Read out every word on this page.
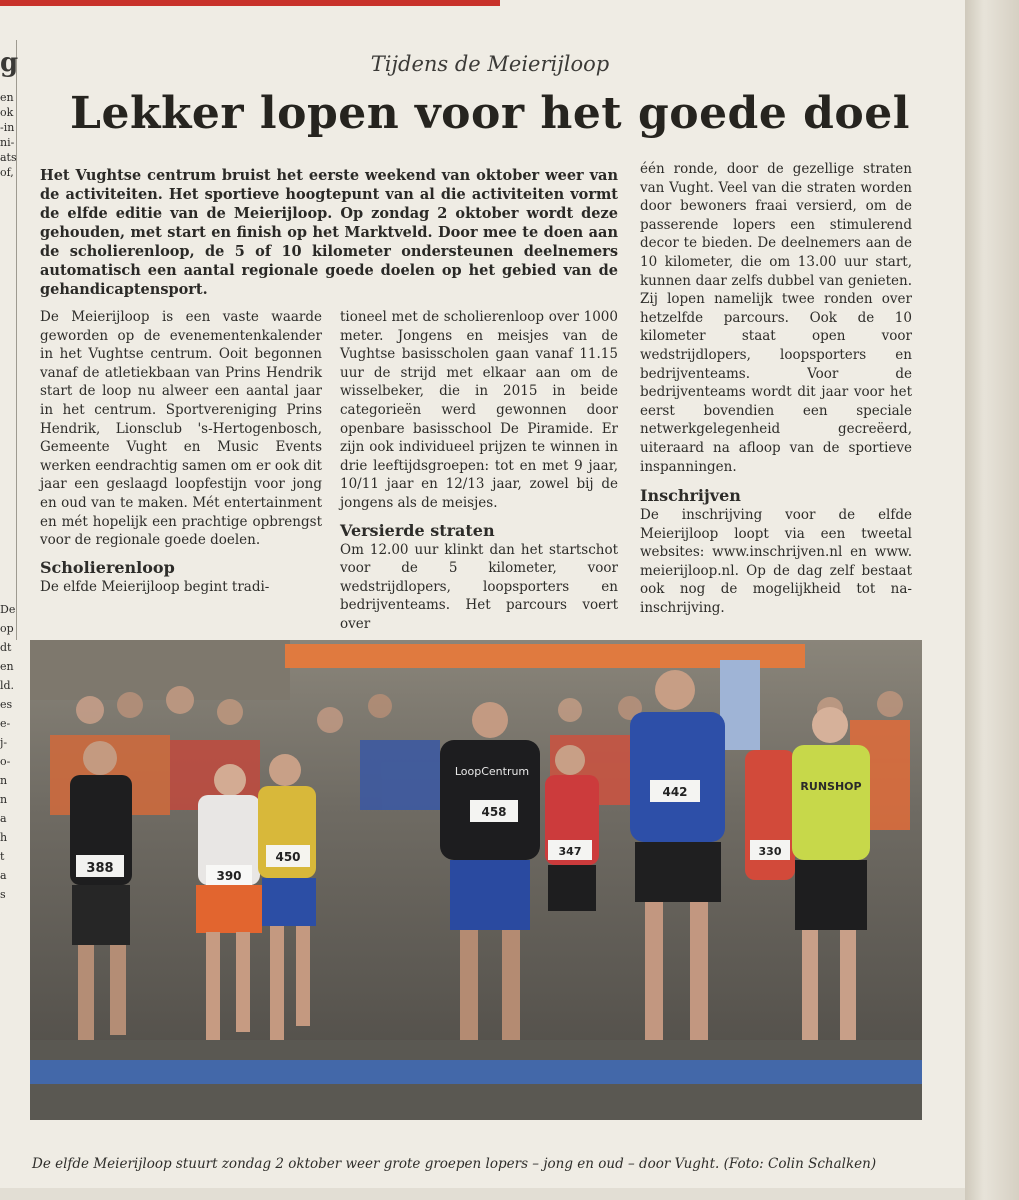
g
en
ok
-in
ni-
ats
of,
De
op
dt
en
ld.
es
e-
j-
o-
n
n
a
h
t
a
s
Tijdens de Meierijloop
Lekker lopen voor het goede doel
Het Vughtse centrum bruist het eerste weekend van oktober weer van de activiteiten. Het sportieve hoogtepunt van al die activiteiten vormt de elfde editie van de Meierijloop. Op zondag 2 oktober wordt deze gehouden, met start en finish op het Marktveld. Door mee te doen aan de scholierenloop, de 5 of 10 kilometer ondersteunen deelnemers automatisch een aantal regionale goede doelen op het gebied van de gehandicaptensport.
De Meierijloop is een vaste waarde geworden op de evenementenkalender in het Vughtse centrum. Ooit begonnen vanaf de atletiekbaan van Prins Hendrik start de loop nu alweer een aantal jaar in het centrum. Sportvereniging Prins Hendrik, Lionsclub 's-Hertogenbosch, Gemeente Vught en Music Events werken eendrachtig samen om er ook dit jaar een geslaagd loopfestijn voor jong en oud van te maken. Mét entertainment en mét hopelijk een prachtige opbrengst voor de regionale goede doelen.
Scholierenloop
De elfde Meierijloop begint tradi-
tioneel met de scholierenloop over 1000 meter. Jongens en meisjes van de Vughtse basisscholen gaan vanaf 11.15 uur de strijd met elkaar aan om de wisselbeker, die in 2015 in beide categorieën werd gewonnen door openbare basisschool De Piramide. Er zijn ook individueel prijzen te winnen in drie leeftijdsgroepen: tot en met 9 jaar, 10/11 jaar en 12/13 jaar, zowel bij de jongens als de meisjes.
Versierde straten
Om 12.00 uur klinkt dan het startschot voor de 5 kilometer, voor wedstrijdlopers, loopsporters en bedrijventeams. Het parcours voert over
één ronde, door de gezellige straten van Vught. Veel van die straten worden door bewoners fraai versierd, om de passerende lopers een stimulerend decor te bieden. De deelnemers aan de 10 kilometer, die om 13.00 uur start, kunnen daar zelfs dubbel van genieten. Zij lopen namelijk twee ronden over hetzelfde parcours. Ook de 10 kilometer staat open voor wedstrijdlopers, loopsporters en bedrijventeams. Voor de bedrijventeams wordt dit jaar voor het eerst bovendien een speciale netwerkgelegenheid gecreëerd, uiteraard na afloop van de sportieve inspanningen.
Inschrijven
De inschrijving voor de elfde Meierijloop loopt via een tweetal websites: www.inschrijven.nl en www. meierijloop.nl. Op de dag zelf bestaat ook nog de mogelijkheid tot na-inschrijving.
388	390
450
LoopCentrum
458
347
442
330
RUNSHOP
De elfde Meierijloop stuurt zondag 2 oktober weer grote groepen lopers – jong en oud – door Vught. (Foto: Colin Schalken)
